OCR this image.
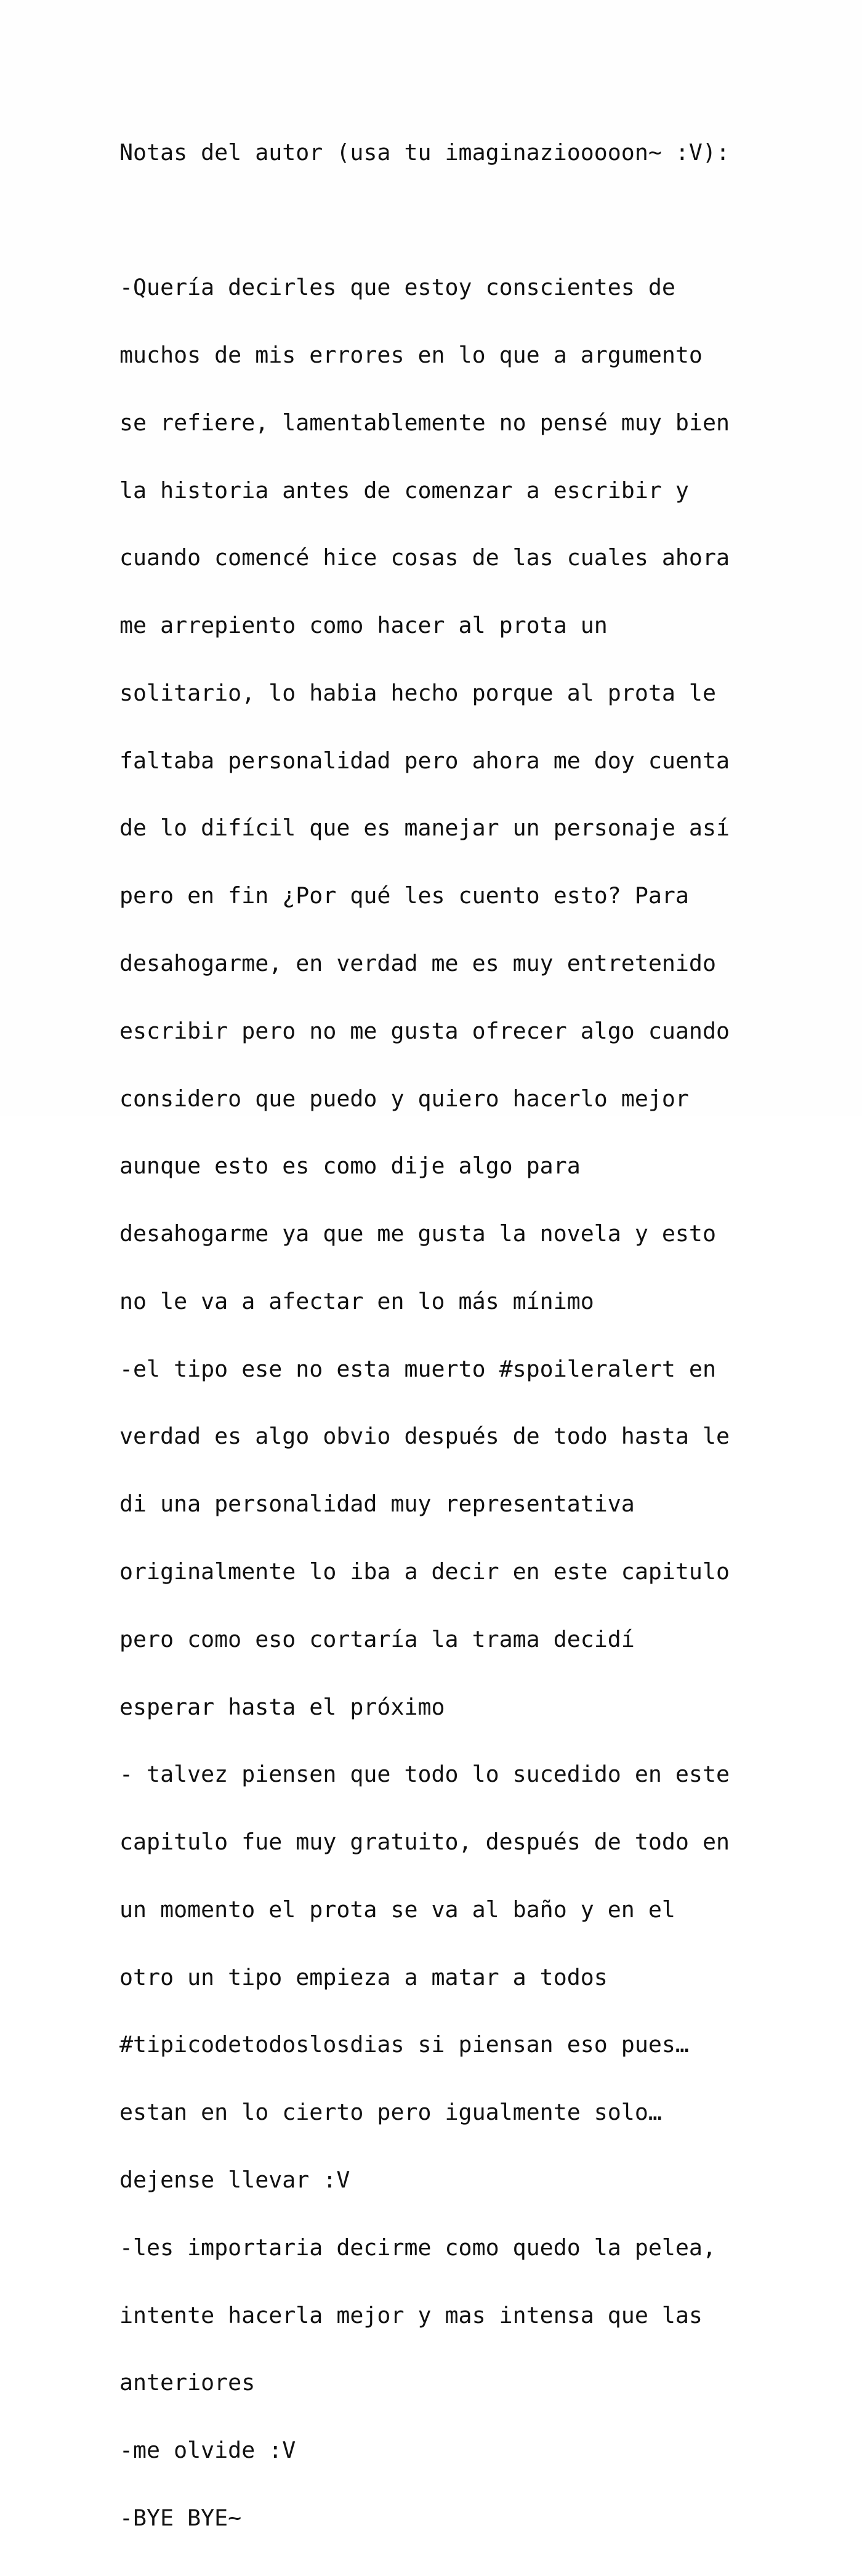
Notas del autor (usa tu imaginaziooooon~ :V):

-Quería decirles que estoy conscientes de

muchos de mis errores en lo que a argumento

se refiere, lamentablemente no pensé muy bien

la historia antes de comenzar a escribir y

cuando comencé hice cosas de las cuales ahora

me arrepiento como hacer al prota un

solitario, lo habia hecho porque al prota le

faltaba personalidad pero ahora me doy cuenta

de lo difícil que es manejar un personaje así

pero en fin ¿Por qué les cuento esto? Para

desahogarme, en verdad me es muy entretenido

escribir pero no me gusta ofrecer algo cuando

considero que puedo y quiero hacerlo mejor

aunque esto es como dije algo para

desahogarme ya que me gusta la novela y esto

no le va a afectar en lo más mínimo

-el tipo ese no esta muerto #spoileralert en

verdad es algo obvio después de todo hasta le

di una personalidad muy representativa

originalmente lo iba a decir en este capitulo

pero como eso cortaría la trama decidí

esperar hasta el próximo

- talvez piensen que todo lo sucedido en este

capitulo fue muy gratuito, después de todo en

un momento el prota se va al baño y en el

otro un tipo empieza a matar a todos

#tipicodetodoslosdias si piensan eso pues…

estan en lo cierto pero igualmente solo…

dejense llevar :V

-les importaria decirme como quedo la pelea,

intente hacerla mejor y mas intensa que las

anteriores

-me olvide :V

-BYE BYE~
